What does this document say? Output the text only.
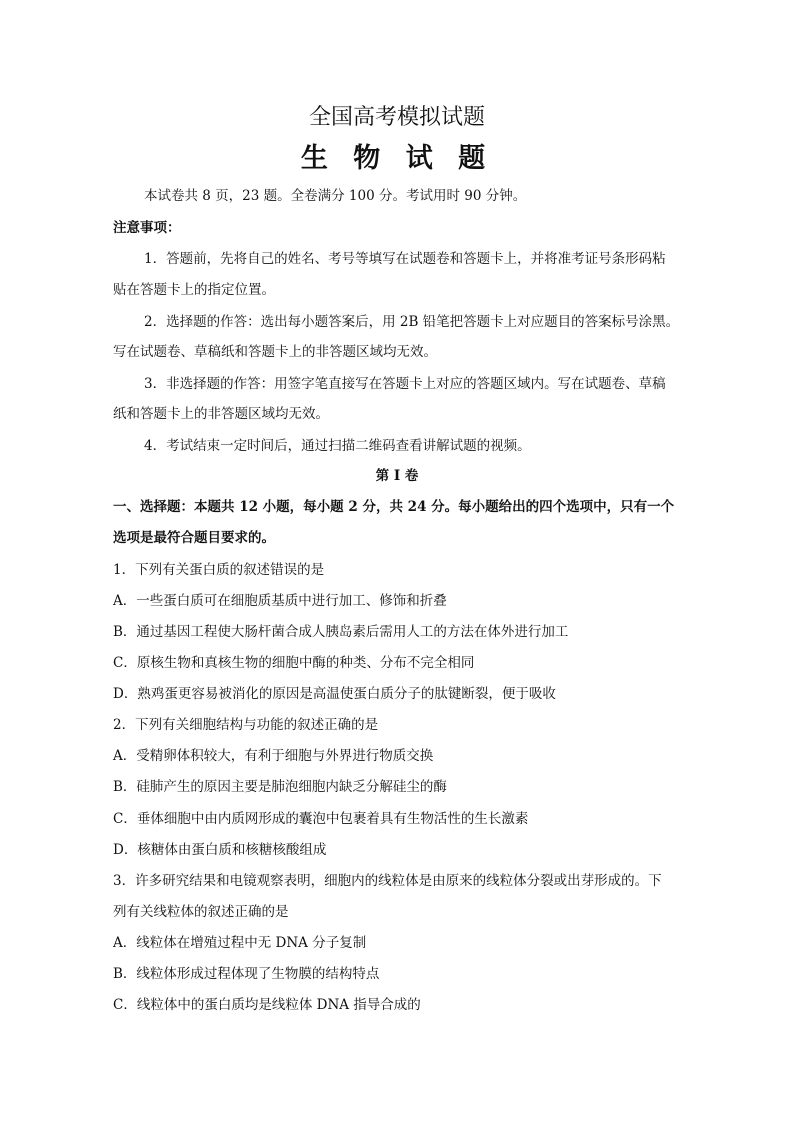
全国高考模拟试题
生 物 试 题
本试卷共 8 页，23 题。全卷满分 100 分。考试用时 90 分钟。
注意事项：
1．答题前，先将自己的姓名、考号等填写在试题卷和答题卡上，并将准考证号条形码粘
贴在答题卡上的指定位置。
2．选择题的作答：选出每小题答案后，用 2B 铅笔把答题卡上对应题目的答案标号涂黑。
写在试题卷、草稿纸和答题卡上的非答题区域均无效。
3．非选择题的作答：用签字笔直接写在答题卡上对应的答题区域内。写在试题卷、草稿
纸和答题卡上的非答题区域均无效。
4．考试结束一定时间后，通过扫描二维码查看讲解试题的视频。
第 I 卷
一、选择题：本题共 12 小题，每小题 2 分，共 24 分。每小题给出的四个选项中，只有一个
选项是最符合题目要求的。
1．下列有关蛋白质的叙述错误的是
A．一些蛋白质可在细胞质基质中进行加工、修饰和折叠
B．通过基因工程使大肠杆菌合成人胰岛素后需用人工的方法在体外进行加工
C．原核生物和真核生物的细胞中酶的种类、分布不完全相同
D．熟鸡蛋更容易被消化的原因是高温使蛋白质分子的肽键断裂，便于吸收
2．下列有关细胞结构与功能的叙述正确的是
A．受精卵体积较大，有利于细胞与外界进行物质交换
B．硅肺产生的原因主要是肺泡细胞内缺乏分解硅尘的酶
C．垂体细胞中由内质网形成的囊泡中包裹着具有生物活性的生长激素
D．核糖体由蛋白质和核糖核酸组成
3．许多研究结果和电镜观察表明，细胞内的线粒体是由原来的线粒体分裂或出芽形成的。下
列有关线粒体的叙述正确的是
A．线粒体在增殖过程中无 DNA 分子复制
B．线粒体形成过程体现了生物膜的结构特点
C．线粒体中的蛋白质均是线粒体 DNA 指导合成的
